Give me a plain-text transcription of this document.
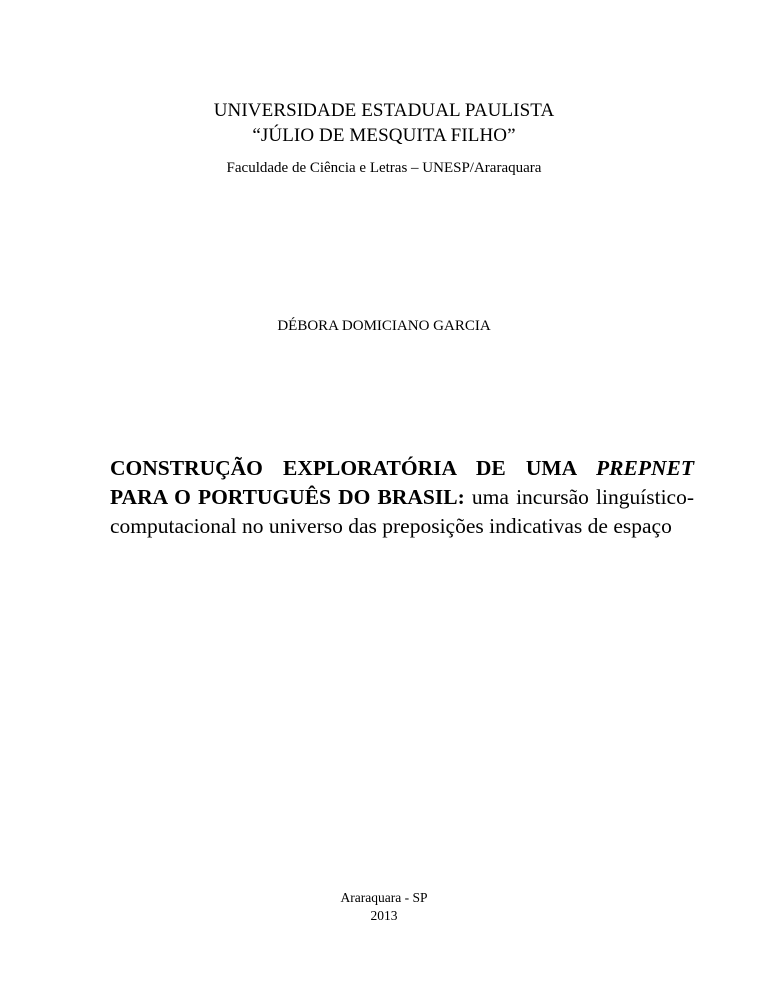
UNIVERSIDADE ESTADUAL PAULISTA
“JÚLIO DE MESQUITA FILHO”
Faculdade de Ciência e Letras – UNESP/Araraquara
DÉBORA DOMICIANO GARCIA
CONSTRUÇÃO EXPLORATÓRIA DE UMA PREPNET PARA O PORTUGUÊS DO BRASIL: uma incursão linguístico-computacional no universo das preposições indicativas de espaço
Araraquara - SP
2013
